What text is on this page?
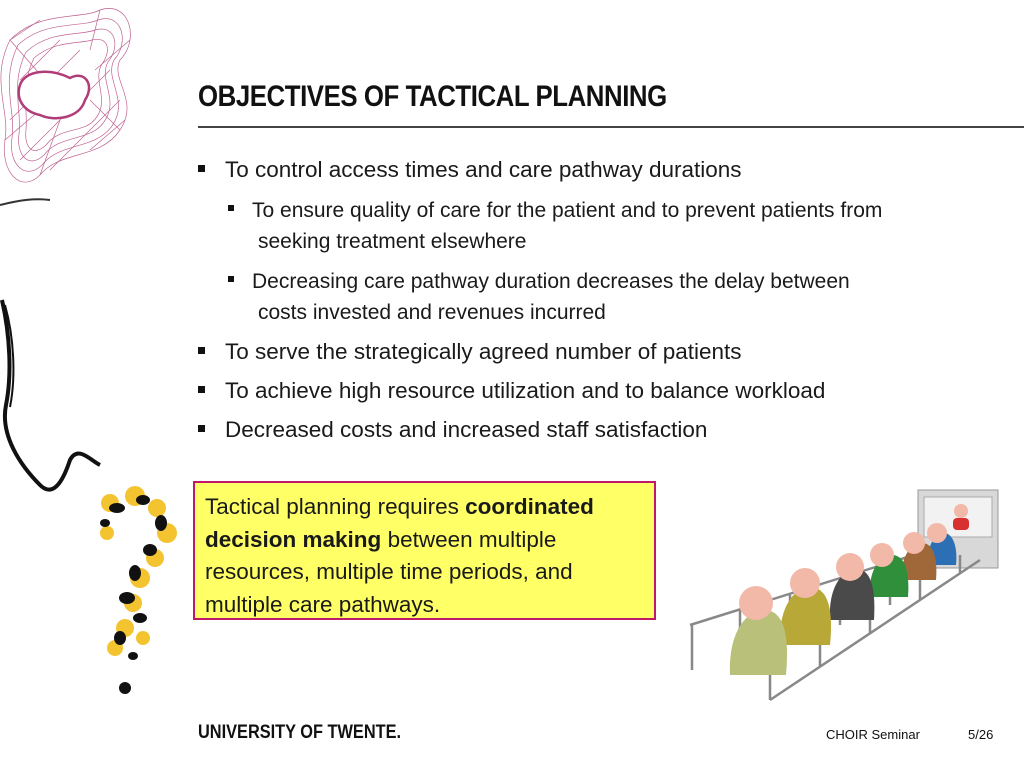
OBJECTIVES OF TACTICAL PLANNING
To control access times and care pathway durations
To ensure quality of care for the patient and to prevent patients from
seeking treatment elsewhere
Decreasing care pathway duration decreases the delay between
costs invested and revenues incurred
To serve the strategically agreed number of patients
To achieve high resource utilization and to balance workload
Decreased costs and increased staff satisfaction
Tactical planning requires coordinated decision making between multiple resources, multiple time periods, and multiple care pathways.
UNIVERSITY OF TWENTE.	CHOIR Seminar	5/26
